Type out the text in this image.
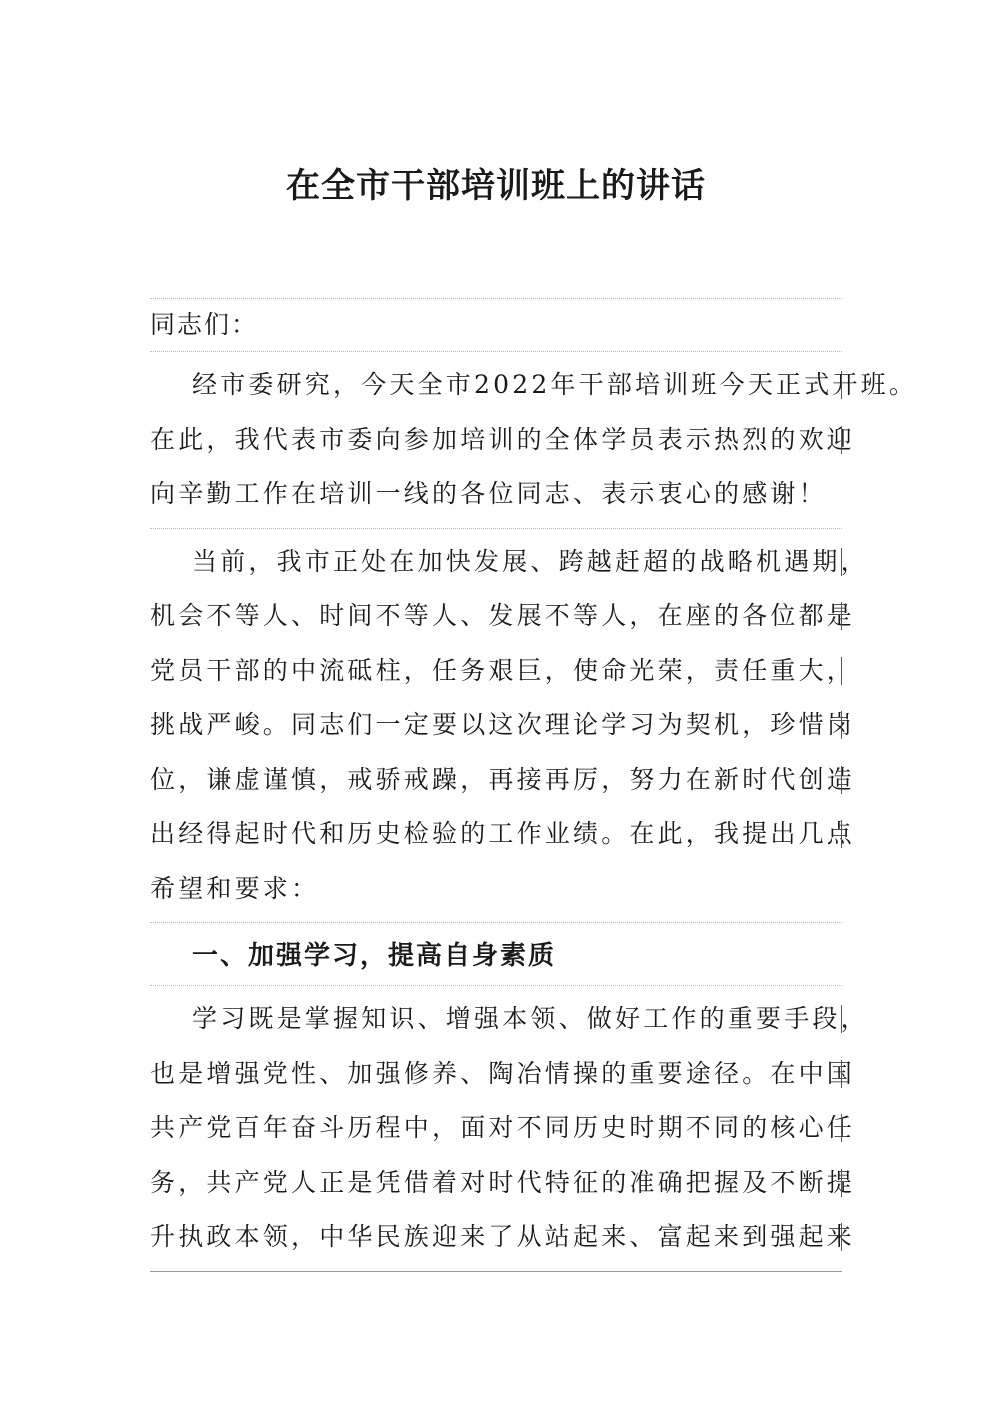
在全市干部培训班上的讲话
同志们：
经市委研究，今天全市2022年干部培训班今天正式开班。
在此，我代表市委向参加培训的全体学员表示热烈的欢迎
向辛勤工作在培训一线的各位同志、表示衷心的感谢！
当前，我市正处在加快发展、跨越赶超的战略机遇期，
机会不等人、时间不等人、发展不等人，在座的各位都是
党员干部的中流砥柱，任务艰巨，使命光荣，责任重大，
挑战严峻。同志们一定要以这次理论学习为契机，珍惜岗
位，谦虚谨慎，戒骄戒躁，再接再厉，努力在新时代创造
出经得起时代和历史检验的工作业绩。在此，我提出几点
希望和要求：
一、加强学习，提高自身素质
学习既是掌握知识、增强本领、做好工作的重要手段，
也是增强党性、加强修养、陶冶情操的重要途径。在中国
共产党百年奋斗历程中，面对不同历史时期不同的核心任
务，共产党人正是凭借着对时代特征的准确把握及不断提
升执政本领，中华民族迎来了从站起来、富起来到强起来
